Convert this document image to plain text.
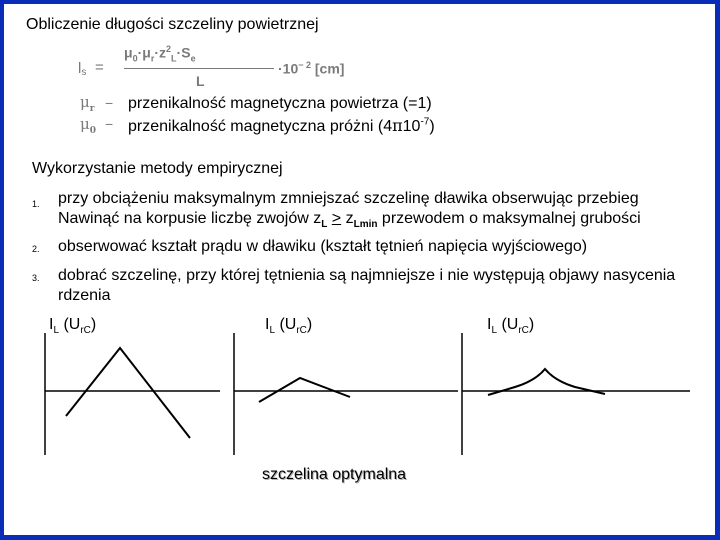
Obliczenie długości szczeliny powietrznej
$l_s$ =
$\mu_0\cdot\mu_r\cdot z^2_L\cdot S_e$
L
$\cdot 10^{- 2}$ [cm]
$\mu_r$ − przenikalność magnetyczna powietrza (=1)
$\mu_0$ − przenikalność magnetyczna próżni $(4\pi 10^{-7})$
Wykorzystanie metody empirycznej
1. przy obciążeniu maksymalnym zmniejszać szczelinę dławika obserwując przebieg
Nawinąć na korpusie liczbę zwojów $z_L > z_{Lmin}$ przewodem o maksymalnej grubości
2. obserwować kształt prądu w dławiku (kształt tętnień napięcia wyjściowego)
3. dobrać szczelinę, przy której tętnienia są najmniejsze i nie występują objawy nasycenia rdzenia
$I_L$ $(U_{rC})$	$I_L$ $(U_{rC})$	$I_L$ $(U_{rC})$
szczelina optymalna
